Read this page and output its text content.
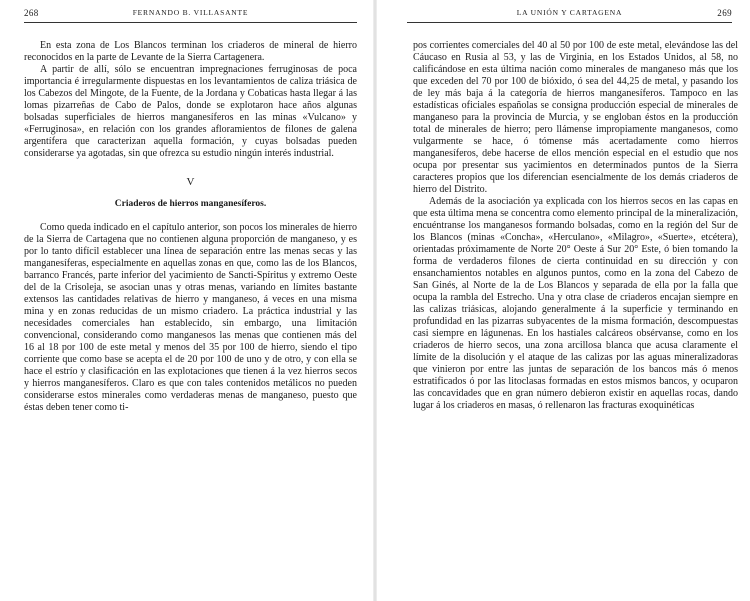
268	FERNANDO B. VILLASANTE

En esta zona de Los Blancos terminan los criaderos de mineral de hierro reconocidos en la parte de Levante de la Sierra Cartagenera.

A partir de allí, sólo se encuentran impregnaciones ferruginosas de poca importancia é irregularmente dispuestas en los levantamientos de caliza triásica de los Cabezos del Mingote, de la Fuente, de la Jordana y Cobaticas hasta llegar á las lomas pizarreñas de Cabo de Palos, donde se explotaron hace años algunas bolsadas superficiales de hierros manganesíferos en las minas «Vulcano» y «Ferruginosa», en relación con los grandes afloramientos de filones de galena argentífera que caracterizan aquella formación, y cuyas bolsadas pueden considerarse ya agotadas, sin que ofrezca su estudio ningún interés industrial.

V
Criaderos de hierros manganesíferos.

Como queda indicado en el capítulo anterior, son pocos los minerales de hierro de la Sierra de Cartagena que no contienen alguna proporción de manganeso, y es por lo tanto difícil establecer una línea de separación entre las menas secas y las manganesíferas, especialmente en aquellas zonas en que, como las de los Blancos, barranco Francés, parte inferior del yacimiento de Sancti-Spíritus y extremo Oeste del de la Crisoleja, se asocian unas y otras menas, variando en límites bastante extensos las cantidades relativas de hierro y manganeso, á veces en una misma mina y en zonas reducidas de un mismo criadero. La práctica industrial y las necesidades comerciales han establecido, sin embargo, una limitación convencional, considerando como manganesos las menas que contienen más del 16 al 18 por 100 de este metal y menos del 35 por 100 de hierro, siendo el tipo corriente que como base se acepta el de 20 por 100 de uno y de otro, y con ella se hace el estrío y clasificación en las explotaciones que tienen á la vez hierros secos y hierros manganesíferos. Claro es que con tales contenidos metálicos no pueden considerarse estos minerales como verdaderas menas de manganeso, puesto que éstas deben tener como ti-

LA UNIÓN Y CARTAGENA	269

pos corrientes comerciales del 40 al 50 por 100 de este metal, elevándose las del Cáucaso en Rusia al 53, y las de Virginia, en los Estados Unidos, al 58, no calificándose en esta última nación como minerales de manganeso más que los que exceden del 70 por 100 de bióxido, ó sea del 44,25 de metal, y pasando los de ley más baja á la categoría de hierros manganesíferos. Tampoco en las estadísticas oficiales españolas se consigna producción especial de minerales de manganeso para la provincia de Murcia, y se engloban éstos en la producción total de minerales de hierro; pero llámense impropiamente manganesos, como vulgarmente se hace, ó tómense más acertadamente como hierros manganesíferos, debe hacerse de ellos mención especial en el estudio que nos ocupa por presentar sus yacimientos en determinados puntos de la Sierra caracteres propios que los diferencian esencialmente de los demás criaderos de hierro del Distrito.

Además de la asociación ya explicada con los hierros secos en las capas en que esta última mena se concentra como elemento principal de la mineralización, encuéntranse los manganesos formando bolsadas, como en la región del Sur de los Blancos (minas «Concha», «Herculano», «Milagro», «Suerte», etcétera), orientadas próximamente de Norte 20° Oeste á Sur 20° Este, ó bien tomando la forma de verdaderos filones de cierta continuidad en su dirección y con ensanchamientos notables en algunos puntos, como en la zona del Cabezo de San Ginés, al Norte de la de Los Blancos y separada de ella por la falla que ocupa la rambla del Estrecho. Una y otra clase de criaderos encajan siempre en las calizas triásicas, alojando generalmente á la superficie y terminando en profundidad en las pizarras subyacentes de la misma formación, descompuestas casi siempre en lágunenas. En los hastiales calcáreos obsérvanse, como en los criaderos de hierro secos, una zona arcillosa blanca que acusa claramente el límite de la disolución y el ataque de las calizas por las aguas mineralizadoras que vinieron por entre las juntas de separación de los bancos más ó menos estratificados ó por las litoclasas formadas en estos mismos bancos, y ocuparon las concavidades que en gran número debieron existir en aquellas rocas, dando lugar á los criaderos en masas, ó rellenaron las fracturas exoquinéticas
